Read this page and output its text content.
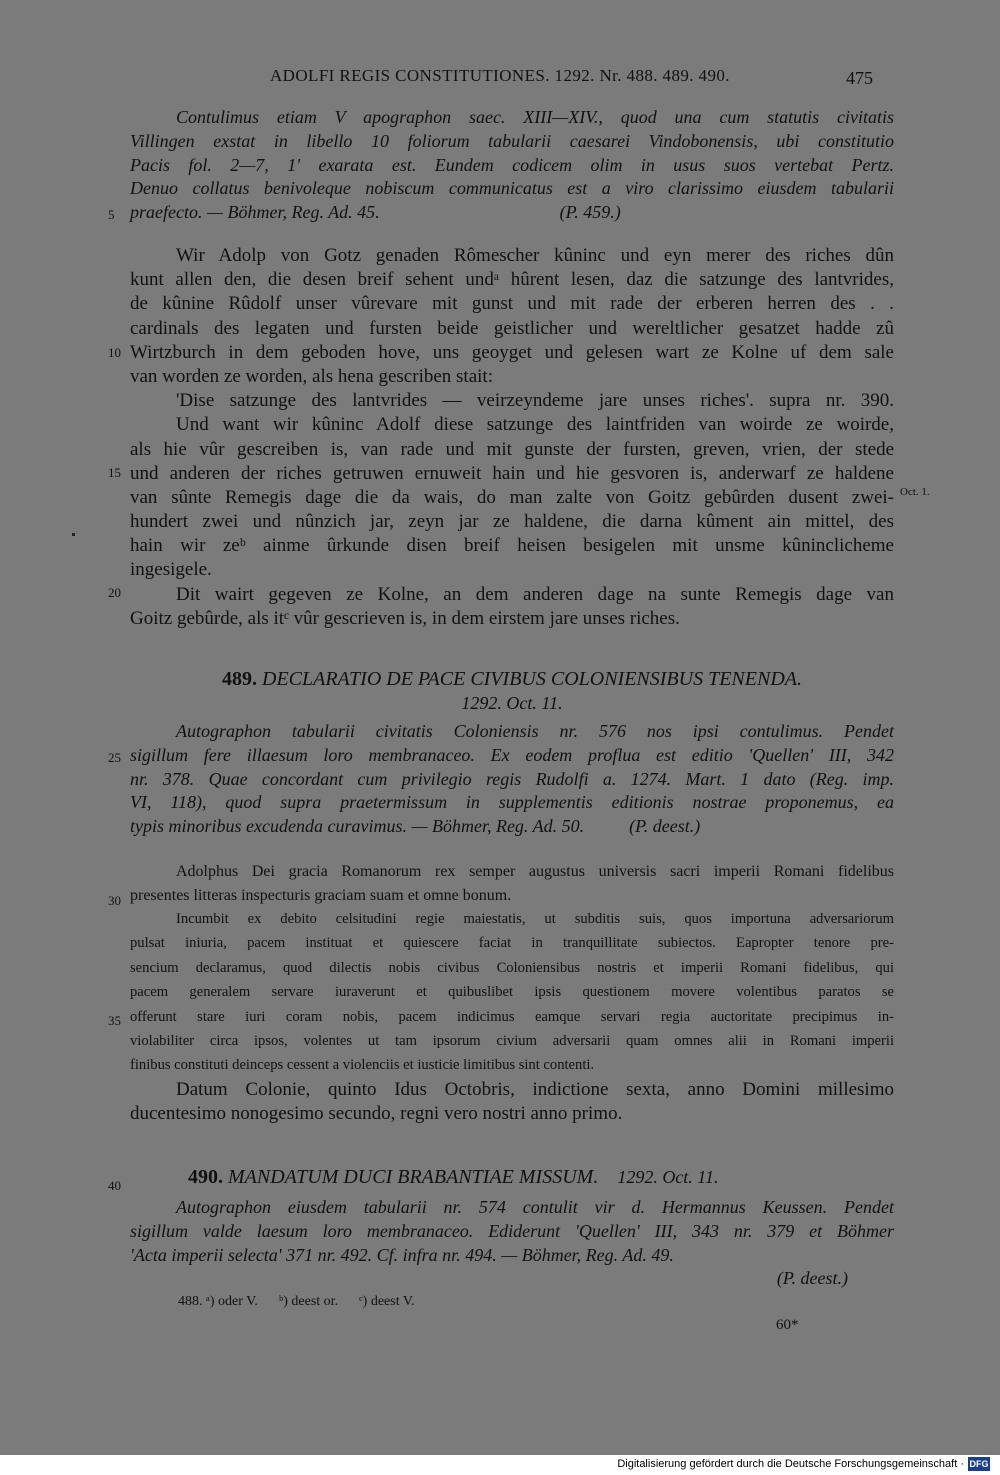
ADOLFI REGIS CONSTITUTIONES. 1292. Nr. 488. 489. 490.	475
5
10
15
20
25
30
35
40
Contulimus etiam V apographon saec. XIII—XIV., quod una cum statutis civitatis
Villingen exstat in libello 10 foliorum tabularii caesarei Vindobonensis, ubi constitutio
Pacis fol. 2—7, 1' exarata est. Eundem codicem olim in usus suos vertebat Pertz.
Denuo collatus benivoleque nobiscum communicatus est a viro clarissimo eiusdem tabularii
praefecto. — Böhmer, Reg. Ad. 45.                                        (P. 459.)
Wir Adolp von Gotz genaden Rômescher kûninc und eyn merer des riches dûn
kunt allen den, die desen breif sehent undᵃ hûrent lesen, daz die satzunge des lantvrides,
de kûnine Rûdolf unser vûrevare mit gunst und mit rade der erberen herren des . .
cardinals des legaten und fursten beide geistlicher und wereltlicher gesatzet hadde zû
Wirtzburch in dem geboden hove, uns geoyget und gelesen wart ze Kolne uf dem sale
van worden ze worden, als hena gescriben stait:
'Dise satzunge des lantvrides — veirzeyndeme jare unses riches'. supra nr. 390.
Und want wir kûninc Adolf diese satzunge des laintfriden van woirde ze woirde,
als hie vûr gescreiben is, van rade und mit gunste der fursten, greven, vrien, der stede
und anderen der riches getruwen ernuweit hain und hie gesvoren is, anderwarf ze haldene
van sûnte Remegis dage die da wais, do man zalte von Goitz gebûrden dusent zwei-
hundert zwei und nûnzich jar, zeyn jar ze haldene, die darna kûment ain mittel, des
hain wir zeᵇ ainme ûrkunde disen breif heisen besigelen mit unsme kûninclicheme
ingesigele.
Dit wairt gegeven ze Kolne, an dem anderen dage na sunte Remegis dage van
Goitz gebûrde, als itᶜ vûr gescrieven is, in dem eirstem jare unses riches.
Oct. 1.
489. DECLARATIO DE PACE CIVIBUS COLONIENSIBUS TENENDA.
1292. Oct. 11.
Autographon tabularii civitatis Coloniensis nr. 576 nos ipsi contulimus. Pendet
sigillum fere illaesum loro membranaceo. Ex eodem proflua est editio 'Quellen' III, 342
nr. 378. Quae concordant cum privilegio regis Rudolfi a. 1274. Mart. 1 dato (Reg. imp.
VI, 118), quod supra praetermissum in supplementis editionis nostrae proponemus, ea
typis minoribus excudenda curavimus. — Böhmer, Reg. Ad. 50.          (P. deest.)
Adolphus Dei gracia Romanorum rex semper augustus universis sacri imperii Romani fidelibus
presentes litteras inspecturis graciam suam et omne bonum.
Incumbit ex debito celsitudini regie maiestatis, ut subditis suis, quos importuna adversariorum
pulsat iniuria, pacem instituat et quiescere faciat in tranquillitate subiectos. Eapropter tenore pre-
sencium declaramus, quod dilectis nobis civibus Coloniensibus nostris et imperii Romani fidelibus, qui
pacem generalem servare iuraverunt et quibuslibet ipsis questionem movere volentibus paratos se
offerunt stare iuri coram nobis, pacem indicimus eamque servari regia auctoritate precipimus in-
violabiliter circa ipsos, volentes ut tam ipsorum civium adversarii quam omnes alii in Romani imperii
finibus constituti deinceps cessent a violenciis et iusticie limitibus sint contenti.
Datum Colonie, quinto Idus Octobris, indictione sexta, anno Domini millesimo
ducentesimo nonogesimo secundo, regni vero nostri anno primo.
490. MANDATUM DUCI BRABANTIAE MISSUM. 1292. Oct. 11.
Autographon eiusdem tabularii nr. 574 contulit vir d. Hermannus Keussen. Pendet
sigillum valde laesum loro membranaceo. Ediderunt 'Quellen' III, 343 nr. 379 et Böhmer
'Acta imperii selecta' 371 nr. 492. Cf. infra nr. 494. — Böhmer, Reg. Ad. 49.
(P. deest.)
488. ᵃ) oder V.      ᵇ) deest or.      ᶜ) deest V.
60*
Digitalisierung gefördert durch die Deutsche Forschungsgemeinschaft · DFG
